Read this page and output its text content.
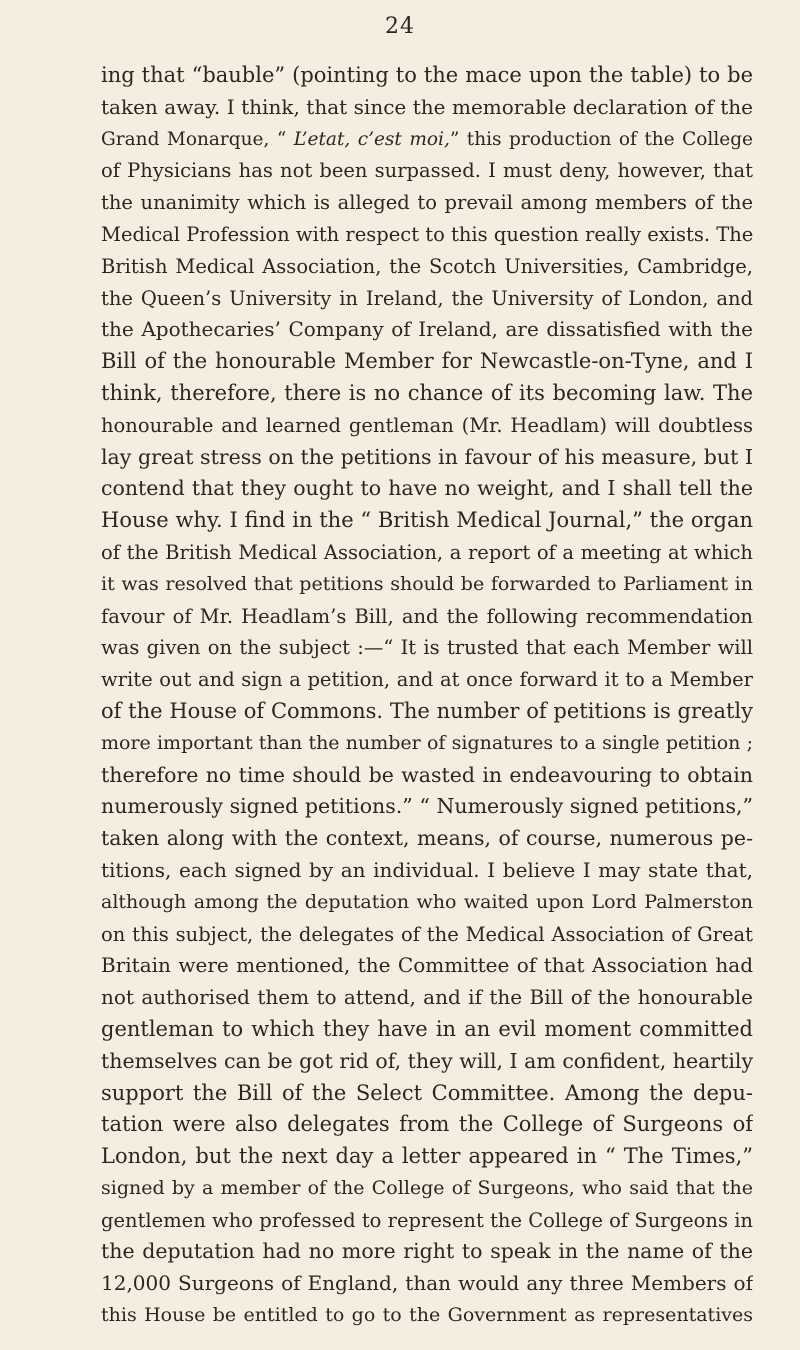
24
ing that “bauble” (pointing to the mace upon the table) to be
taken away. I think, that since the memorable declaration of the
Grand Monarque, “ L’etat, c’est moi,” this production of the College
of Physicians has not been surpassed. I must deny, however, that
the unanimity which is alleged to prevail among members of the
Medical Profession with respect to this question really exists. The
British Medical Association, the Scotch Universities, Cambridge,
the Queen’s University in Ireland, the University of London, and
the Apothecaries’ Company of Ireland, are dissatisfied with the
Bill of the honourable Member for Newcastle-on-Tyne, and I
think, therefore, there is no chance of its becoming law. The
honourable and learned gentleman (Mr. Headlam) will doubtless
lay great stress on the petitions in favour of his measure, but I
contend that they ought to have no weight, and I shall tell the
House why. I find in the “ British Medical Journal,” the organ
of the British Medical Association, a report of a meeting at which
it was resolved that petitions should be forwarded to Parliament in
favour of Mr. Headlam’s Bill, and the following recommendation
was given on the subject :—“ It is trusted that each Member will
write out and sign a petition, and at once forward it to a Member
of the House of Commons. The number of petitions is greatly
more important than the number of signatures to a single petition ;
therefore no time should be wasted in endeavouring to obtain
numerously signed petitions.” “ Numerously signed petitions,”
taken along with the context, means, of course, numerous pe-
titions, each signed by an individual. I believe I may state that,
although among the deputation who waited upon Lord Palmerston
on this subject, the delegates of the Medical Association of Great
Britain were mentioned, the Committee of that Association had
not authorised them to attend, and if the Bill of the honourable
gentleman to which they have in an evil moment committed
themselves can be got rid of, they will, I am confident, heartily
support the Bill of the Select Committee. Among the depu-
tation were also delegates from the College of Surgeons of
London, but the next day a letter appeared in “ The Times,”
signed by a member of the College of Surgeons, who said that the
gentlemen who professed to represent the College of Surgeons in
the deputation had no more right to speak in the name of the
12,000 Surgeons of England, than would any three Members of
this House be entitled to go to the Government as representatives
